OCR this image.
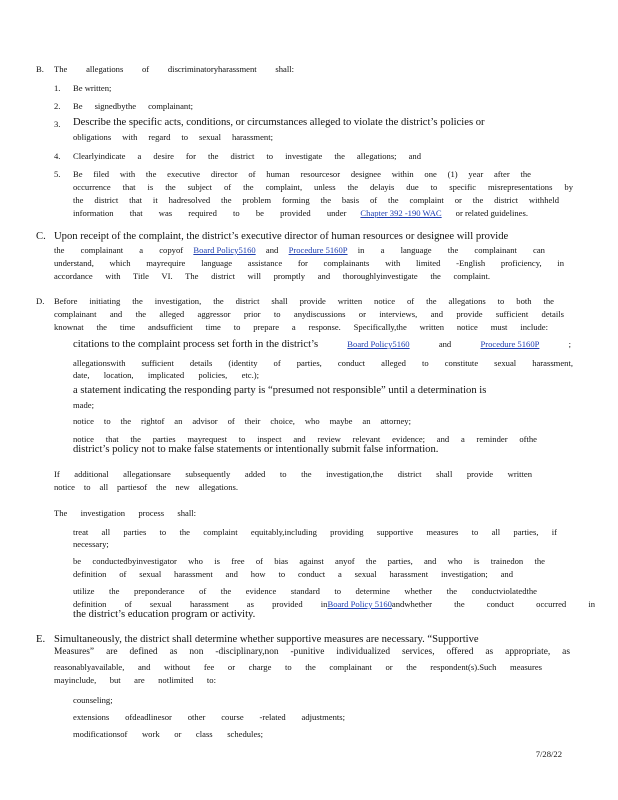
B. The allegations of discriminatoryharassment shall:
1. Be written;
2. Be signedbythe complainant;
3. Describe the specific acts, conditions, or circumstances alleged to violate the district’s policies or
obligations with regard to sexual harassment;
4. Clearlyindicate a desire for the district to investigate the allegations; and
5. Be filed with the executive director of human resourcesor designee within one (1) year after the
occurrence that is the subject of the complaint, unless the delayis due to specific misrepresentations by
the district that it hadresolved the problem forming the basis of the complaint or the district withheld
information that was required to be provided under Chapter 392 -190 WAC or related guidelines.
C. Upon receipt of the complaint, the district’s executive director of human resources or designee will provide
the complainant a copyof Board Policy5160 and Procedure 5160P in a language the complainant can
understand, which mayrequire language assistance for complainants with limited -English proficiency, in
accordance with Title VI. The district will promptly and thoroughlyinvestigate the complaint.
D. Before initiating the investigation, the district shall provide written notice of the allegations to both the
complainant and the alleged aggressor prior to anydiscussions or interviews, and provide sufficient details
knownat the time andsufficient time to prepare a response. Specifically,the written notice must include:
citations to the complaint process set forth in the district’s	Board Policy5160	and	Procedure 5160P	;
allegationswith sufficient details (identity of parties, conduct alleged to constitute sexual harassment,
date, location, implicated policies, etc.);
a statement indicating the responding party is “presumed not responsible” until a determination is
made;
notice to the rightof an advisor of their choice, who maybe an attorney;
notice that the parties mayrequest to inspect and review relevant evidence; and a reminder ofthe
district’s policy not to make false statements or intentionally submit false information.
If additional allegationsare subsequently added to the investigation,the district shall provide written
notice to all partiesof the new allegations.
The investigation process shall:
treat all parties to the complaint equitably,including providing supportive measures to all parties, if
necessary;
be conductedbyinvestigator who is free of bias against anyof the parties, and who is trainedon the
definition of sexual harassment and how to conduct a sexual harassment investigation; and
utilize the preponderance of the evidence standard to determine whether the conductviolatedthe
definition of sexual harassment as provided in Board Policy 5160 andwhether the conduct occurred in
the district’s education program or activity.
E. Simultaneously, the district shall determine whether supportive measures are necessary. “Supportive
Measures” are defined as non -disciplinary,non -punitive individualized services, offered as appropriate, as
reasonablyavailable, and without fee or charge to the complainant or the respondent(s).Such measures
mayinclude, but are notlimited to:
counseling;
extensions ofdeadlinesor other course -related adjustments;
modificationsof work or class schedules;
7/28/22
